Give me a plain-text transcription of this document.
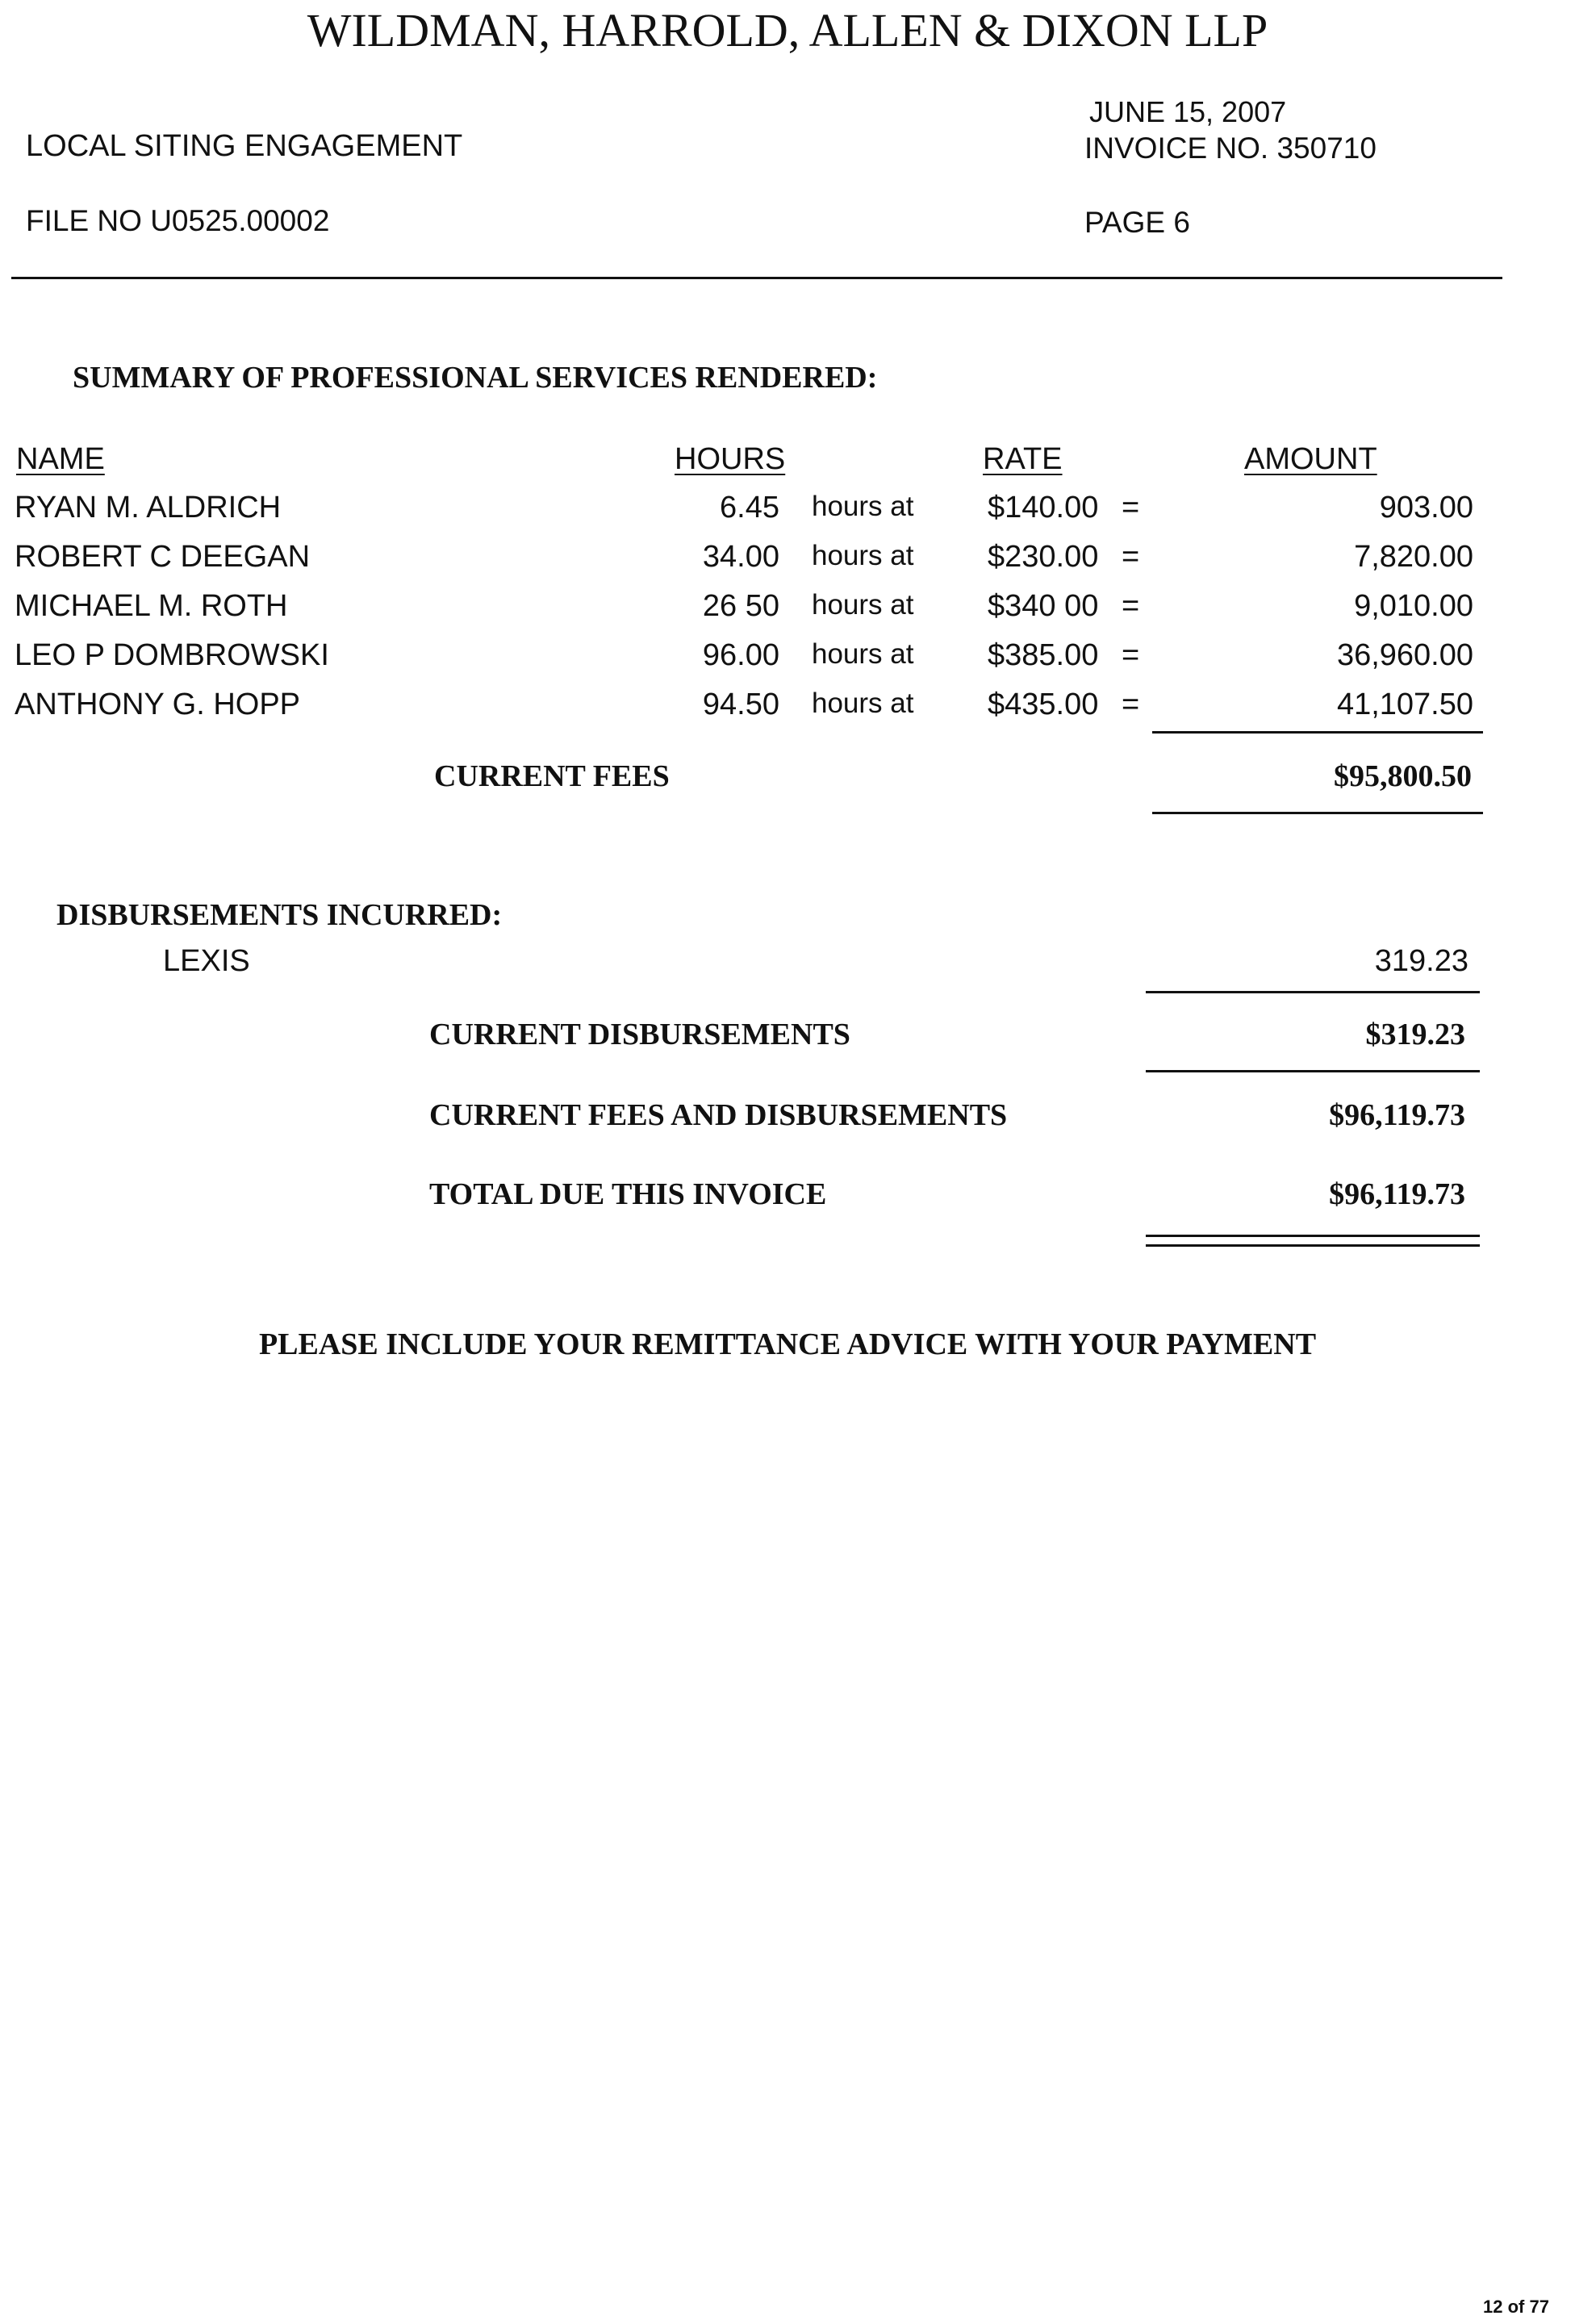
WILDMAN, HARROLD, ALLEN & DIXON LLP
LOCAL SITING ENGAGEMENT
JUNE 15, 2007
INVOICE NO. 350710
FILE NO U0525.00002	PAGE 6
SUMMARY OF PROFESSIONAL SERVICES RENDERED:
NAME	HOURS	RATE	AMOUNT
RYAN M. ALDRICH	6.45 hours at $140.00 =	903.00
ROBERT C DEEGAN	34.00 hours at $230.00 =	7,820.00
MICHAEL M. ROTH	26 50 hours at $340 00 =	9,010.00
LEO P DOMBROWSKI	96.00 hours at $385.00 =	36,960.00
ANTHONY G. HOPP	94.50 hours at $435.00 =	41,107.50
CURRENT FEES	$95,800.50
DISBURSEMENTS INCURRED:
LEXIS	319.23
CURRENT DISBURSEMENTS	$319.23
CURRENT FEES AND DISBURSEMENTS	$96,119.73
TOTAL DUE THIS INVOICE	$96,119.73
PLEASE INCLUDE YOUR REMITTANCE ADVICE WITH YOUR PAYMENT
12 of 77
